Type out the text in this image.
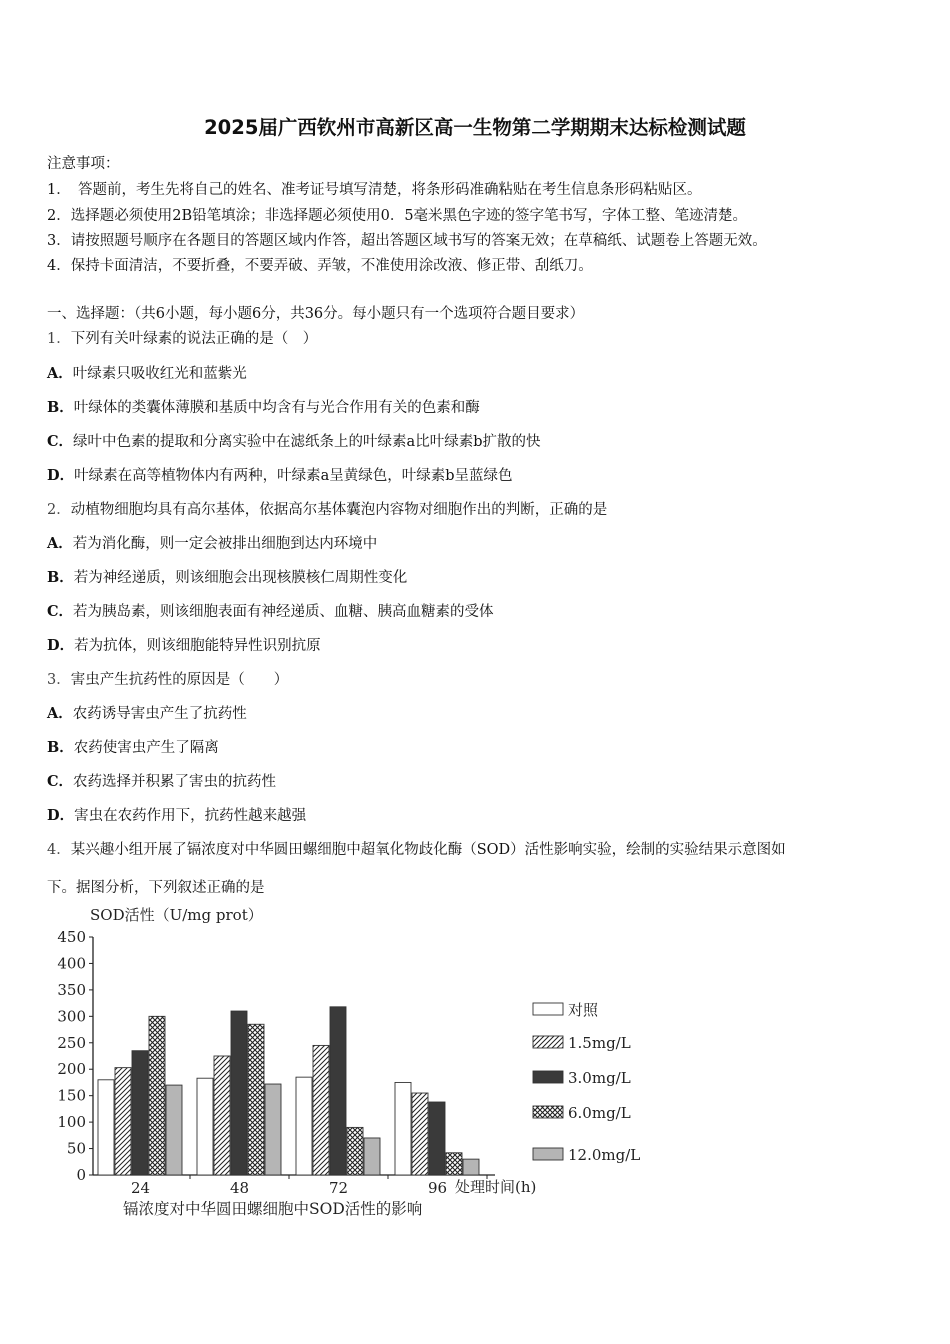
2025届广西钦州市高新区高一生物第二学期期末达标检测试题
注意事项：
1．　答题前，考生先将自己的姓名、准考证号填写清楚，将条形码准确粘贴在考生信息条形码粘贴区。
2．选择题必须使用2B铅笔填涂；非选择题必须使用0．5毫米黑色字迹的签字笔书写，字体工整、笔迹清楚。
3．请按照题号顺序在各题目的答题区域内作答，超出答题区域书写的答案无效；在草稿纸、试题卷上答题无效。
4．保持卡面清洁，不要折叠，不要弄破、弄皱，不准使用涂改液、修正带、刮纸刀。
一、选择题：（共6小题，每小题6分，共36分。每小题只有一个选项符合题目要求）
1．下列有关叶绿素的说法正确的是（　）
A．叶绿素只吸收红光和蓝紫光
B．叶绿体的类囊体薄膜和基质中均含有与光合作用有关的色素和酶
C．绿叶中色素的提取和分离实验中在滤纸条上的叶绿素a比叶绿素b扩散的快
D．叶绿素在高等植物体内有两种，叶绿素a呈黄绿色，叶绿素b呈蓝绿色
2．动植物细胞均具有高尔基体，依据高尔基体囊泡内容物对细胞作出的判断，正确的是
A．若为消化酶，则一定会被排出细胞到达内环境中
B．若为神经递质，则该细胞会出现核膜核仁周期性变化
C．若为胰岛素，则该细胞表面有神经递质、血糖、胰高血糖素的受体
D．若为抗体，则该细胞能特异性识别抗原
3．害虫产生抗药性的原因是（　　）
A．农药诱导害虫产生了抗药性
B．农药使害虫产生了隔离
C．农药选择并积累了害虫的抗药性
D．害虫在农药作用下，抗药性越来越强
4．某兴趣小组开展了镉浓度对中华圆田螺细胞中超氧化物歧化酶（SOD）活性影响实验，绘制的实验结果示意图如
下。据图分析，下列叙述正确的是
0
50
100
150
200
250
300
350
400
450
24	48	72	96
对照
1.5mg/L
3.0mg/L
6.0mg/L
12.0mg/L
SOD活性（U/mg prot）
处理时间(h)
镉浓度对中华圆田螺细胞中SOD活性的影响
